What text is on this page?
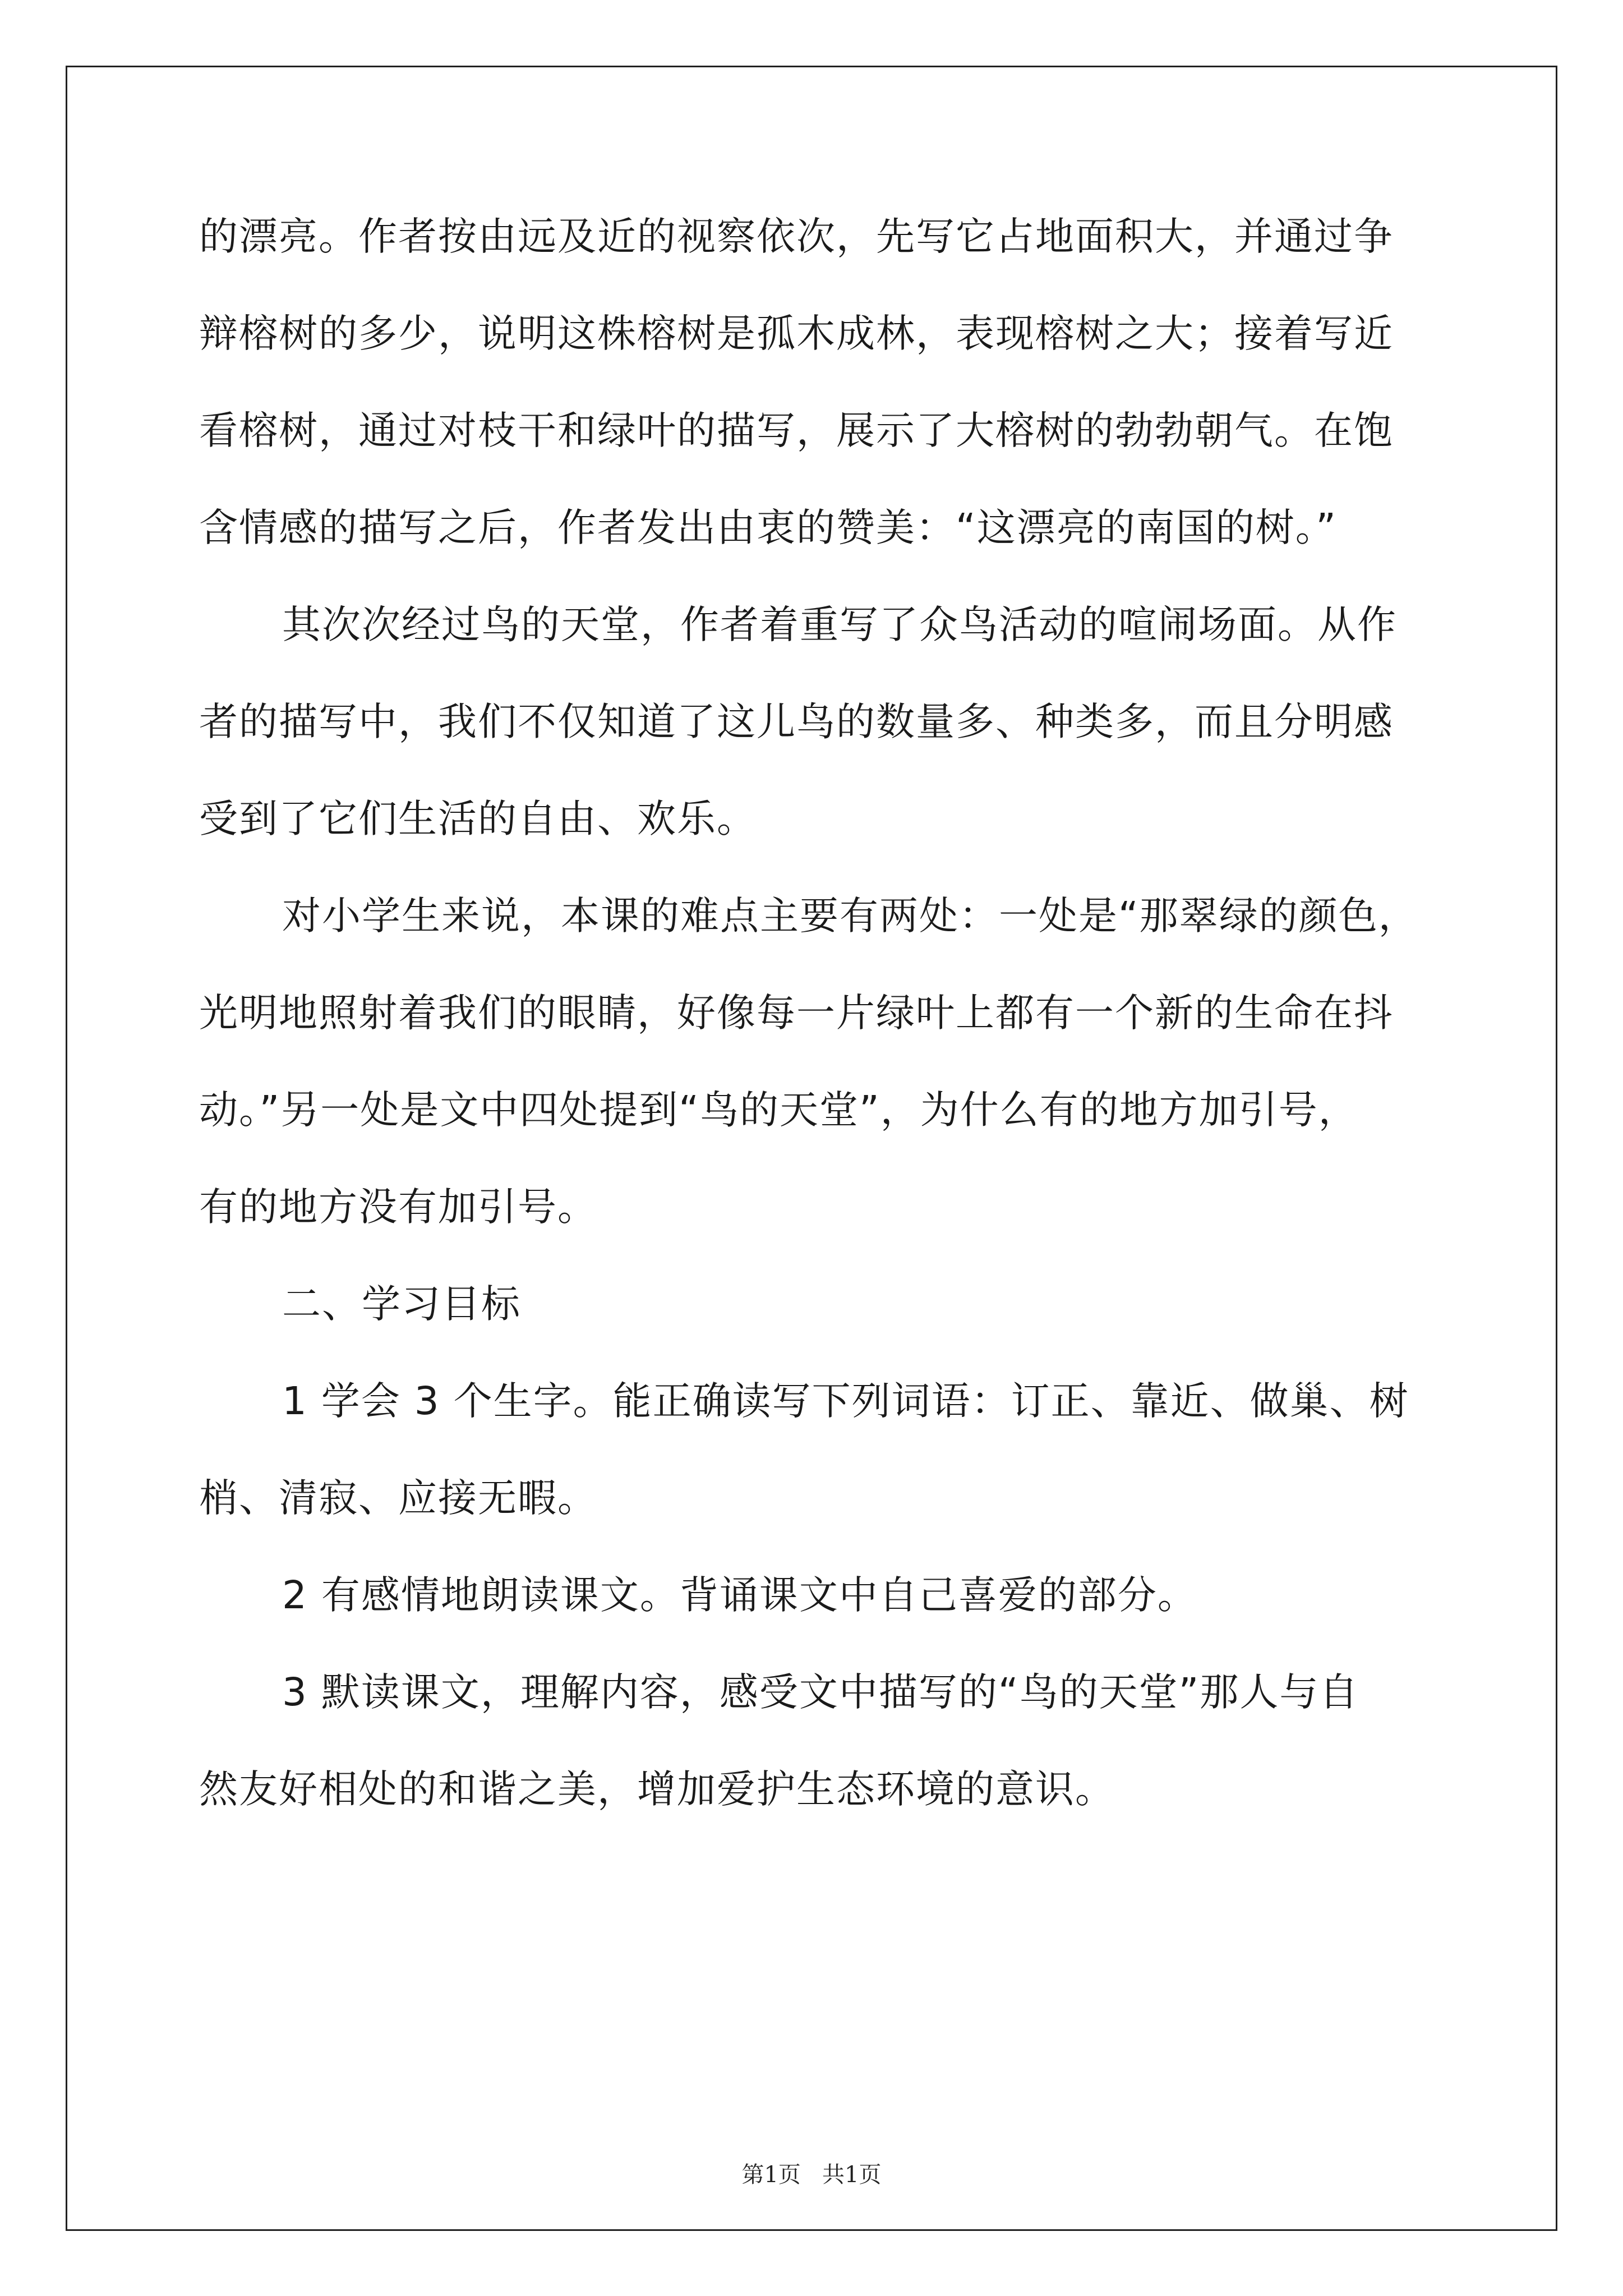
的漂亮。作者按由远及近的视察依次，先写它占地面积大，并通过争
辩榕树的多少，说明这株榕树是孤木成林，表现榕树之大；接着写近
看榕树，通过对枝干和绿叶的描写，展示了大榕树的勃勃朝气。在饱
含情感的描写之后，作者发出由衷的赞美：“这漂亮的南国的树。”
其次次经过鸟的天堂，作者着重写了众鸟活动的喧闹场面。从作
者的描写中，我们不仅知道了这儿鸟的数量多、种类多，而且分明感
受到了它们生活的自由、欢乐。
对小学生来说，本课的难点主要有两处：一处是“那翠绿的颜色，
光明地照射着我们的眼睛，好像每一片绿叶上都有一个新的生命在抖
动。”另一处是文中四处提到“鸟的天堂”，为什么有的地方加引号，
有的地方没有加引号。
二、学习目标
1 学会 3 个生字。能正确读写下列词语：订正、靠近、做巢、树
梢、清寂、应接无暇。
2 有感情地朗读课文。背诵课文中自己喜爱的部分。
3 默读课文，理解内容，感受文中描写的“鸟的天堂”那人与自
然友好相处的和谐之美，增加爱护生态环境的意识。
第1页   共1页
